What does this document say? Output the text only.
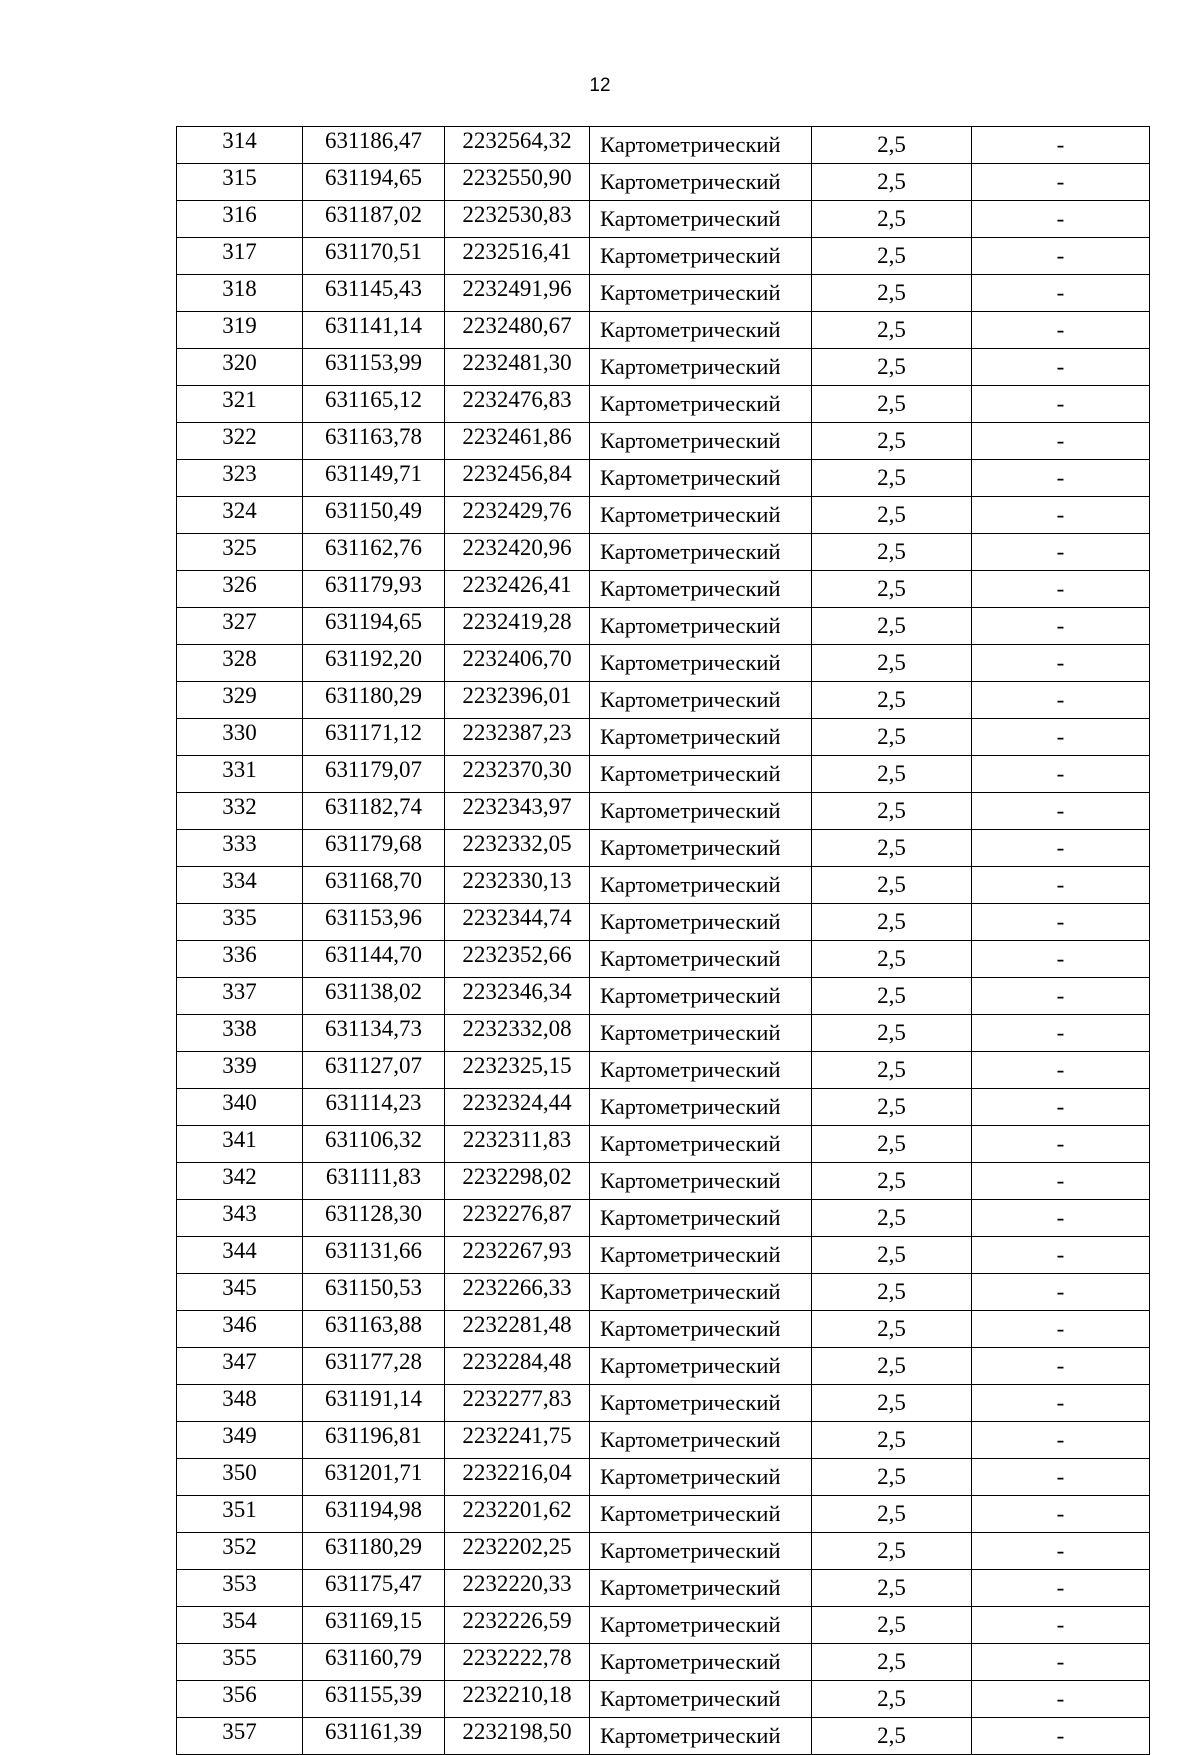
12
314	631186,47	2232564,32	Картометрический	2,5	-
315	631194,65	2232550,90	Картометрический	2,5	-
316	631187,02	2232530,83	Картометрический	2,5	-
317	631170,51	2232516,41	Картометрический	2,5	-
318	631145,43	2232491,96	Картометрический	2,5	-
319	631141,14	2232480,67	Картометрический	2,5	-
320	631153,99	2232481,30	Картометрический	2,5	-
321	631165,12	2232476,83	Картометрический	2,5	-
322	631163,78	2232461,86	Картометрический	2,5	-
323	631149,71	2232456,84	Картометрический	2,5	-
324	631150,49	2232429,76	Картометрический	2,5	-
325	631162,76	2232420,96	Картометрический	2,5	-
326	631179,93	2232426,41	Картометрический	2,5	-
327	631194,65	2232419,28	Картометрический	2,5	-
328	631192,20	2232406,70	Картометрический	2,5	-
329	631180,29	2232396,01	Картометрический	2,5	-
330	631171,12	2232387,23	Картометрический	2,5	-
331	631179,07	2232370,30	Картометрический	2,5	-
332	631182,74	2232343,97	Картометрический	2,5	-
333	631179,68	2232332,05	Картометрический	2,5	-
334	631168,70	2232330,13	Картометрический	2,5	-
335	631153,96	2232344,74	Картометрический	2,5	-
336	631144,70	2232352,66	Картометрический	2,5	-
337	631138,02	2232346,34	Картометрический	2,5	-
338	631134,73	2232332,08	Картометрический	2,5	-
339	631127,07	2232325,15	Картометрический	2,5	-
340	631114,23	2232324,44	Картометрический	2,5	-
341	631106,32	2232311,83	Картометрический	2,5	-
342	631111,83	2232298,02	Картометрический	2,5	-
343	631128,30	2232276,87	Картометрический	2,5	-
344	631131,66	2232267,93	Картометрический	2,5	-
345	631150,53	2232266,33	Картометрический	2,5	-
346	631163,88	2232281,48	Картометрический	2,5	-
347	631177,28	2232284,48	Картометрический	2,5	-
348	631191,14	2232277,83	Картометрический	2,5	-
349	631196,81	2232241,75	Картометрический	2,5	-
350	631201,71	2232216,04	Картометрический	2,5	-
351	631194,98	2232201,62	Картометрический	2,5	-
352	631180,29	2232202,25	Картометрический	2,5	-
353	631175,47	2232220,33	Картометрический	2,5	-
354	631169,15	2232226,59	Картометрический	2,5	-
355	631160,79	2232222,78	Картометрический	2,5	-
356	631155,39	2232210,18	Картометрический	2,5	-
357	631161,39	2232198,50	Картометрический	2,5	-
